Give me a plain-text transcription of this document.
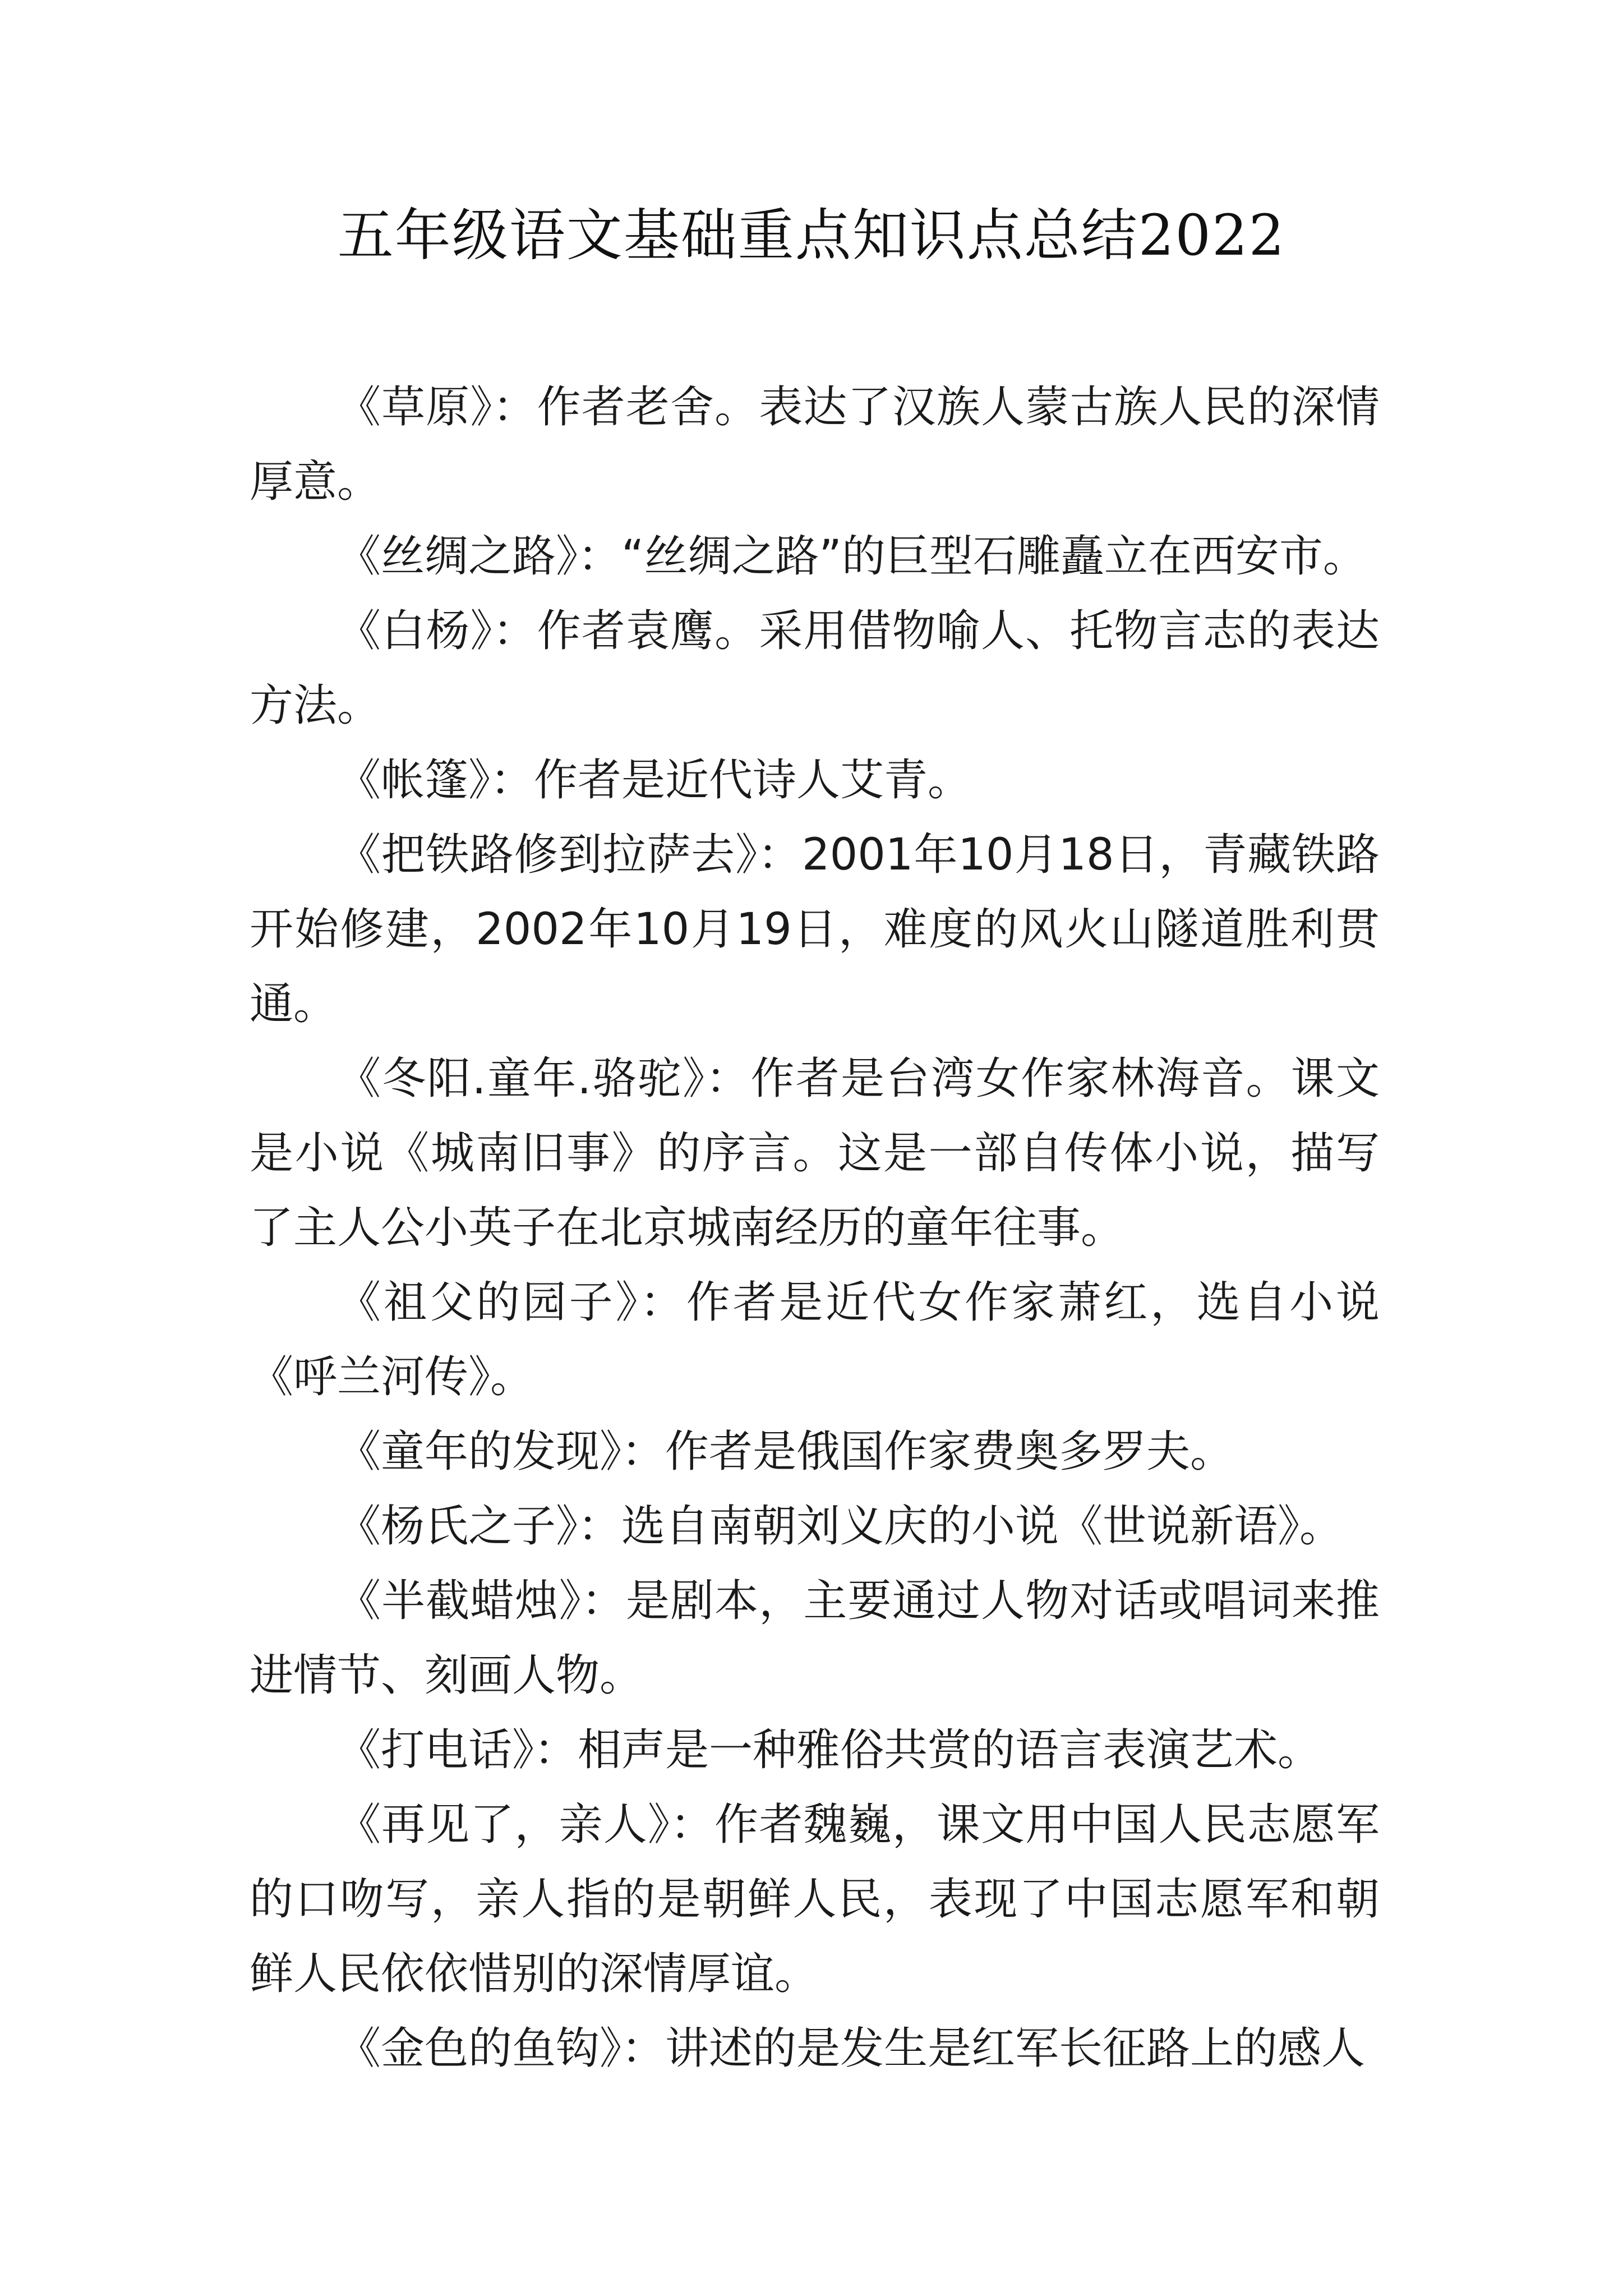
五年级语文基础重点知识点总结2022

《草原》：作者老舍。表达了汉族人蒙古族人民的深情厚意。

《丝绸之路》：“丝绸之路”的巨型石雕矗立在西安市。

《白杨》：作者袁鹰。采用借物喻人、托物言志的表达方法。

《帐篷》：作者是近代诗人艾青。

《把铁路修到拉萨去》：2001年10月18日，青藏铁路开始修建，2002年10月19日，难度的风火山隧道胜利贯通。

《冬阳.童年.骆驼》：作者是台湾女作家林海音。课文是小说《城南旧事》的序言。这是一部自传体小说，描写了主人公小英子在北京城南经历的童年往事。

《祖父的园子》：作者是近代女作家萧红，选自小说《呼兰河传》。

《童年的发现》：作者是俄国作家费奥多罗夫。

《杨氏之子》：选自南朝刘义庆的小说《世说新语》。

《半截蜡烛》：是剧本，主要通过人物对话或唱词来推进情节、刻画人物。

《打电话》：相声是一种雅俗共赏的语言表演艺术。

《再见了，亲人》：作者魏巍，课文用中国人民志愿军的口吻写，亲人指的是朝鲜人民，表现了中国志愿军和朝鲜人民依依惜别的深情厚谊。

《金色的鱼钩》：讲述的是发生是红军长征路上的感人
